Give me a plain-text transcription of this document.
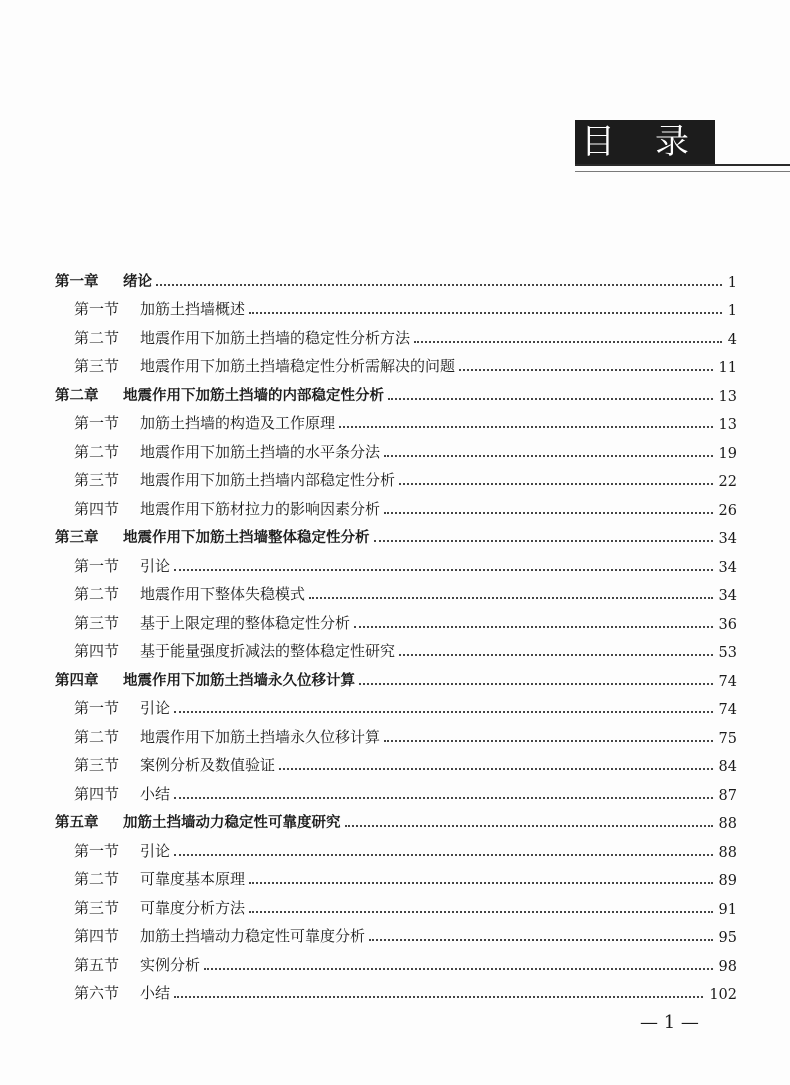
目录
第一章	绪论	1
第一节	加筋土挡墙概述	1
第二节	地震作用下加筋土挡墙的稳定性分析方法	4
第三节	地震作用下加筋土挡墙稳定性分析需解决的问题	11
第二章	地震作用下加筋土挡墙的内部稳定性分析	13
第一节	加筋土挡墙的构造及工作原理	13
第二节	地震作用下加筋土挡墙的水平条分法	19
第三节	地震作用下加筋土挡墙内部稳定性分析	22
第四节	地震作用下筋材拉力的影响因素分析	26
第三章	地震作用下加筋土挡墙整体稳定性分析	34
第一节	引论	34
第二节	地震作用下整体失稳模式	34
第三节	基于上限定理的整体稳定性分析	36
第四节	基于能量强度折减法的整体稳定性研究	53
第四章	地震作用下加筋土挡墙永久位移计算	74
第一节	引论	74
第二节	地震作用下加筋土挡墙永久位移计算	75
第三节	案例分析及数值验证	84
第四节	小结	87
第五章	加筋土挡墙动力稳定性可靠度研究	88
第一节	引论	88
第二节	可靠度基本原理	89
第三节	可靠度分析方法	91
第四节	加筋土挡墙动力稳定性可靠度分析	95
第五节	实例分析	98
第六节	小结	102
— 1 —
